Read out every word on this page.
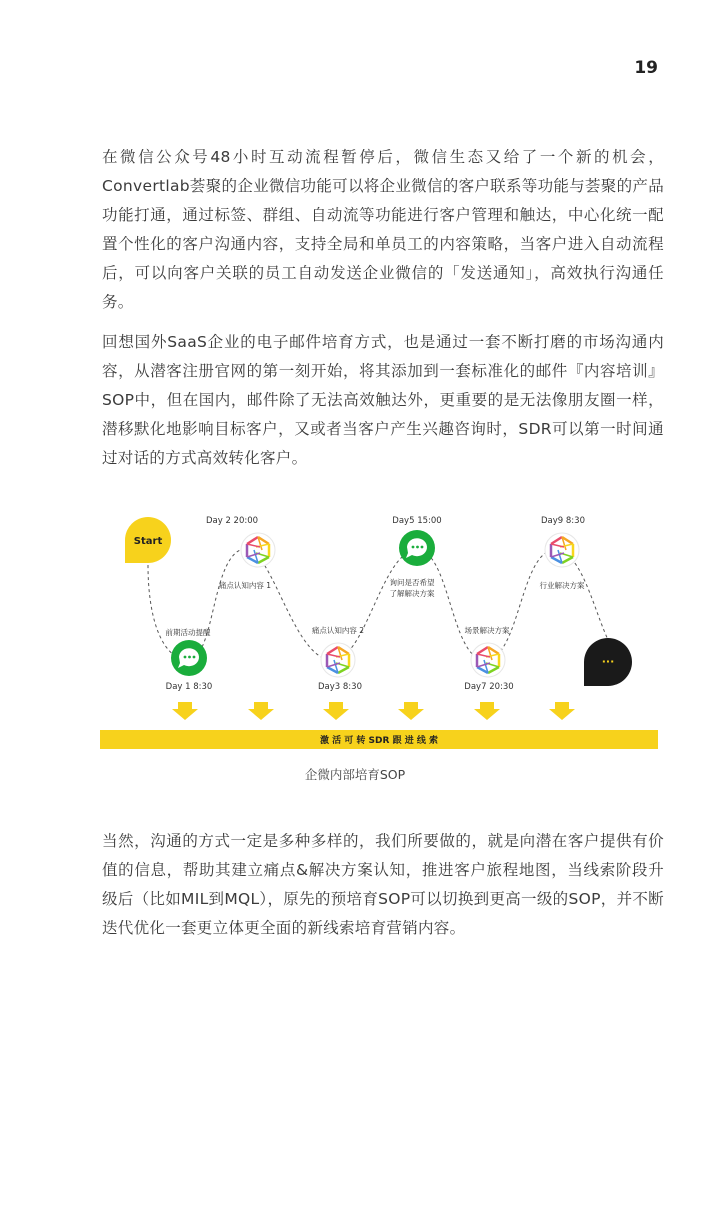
19

在微信公众号48小时互动流程暂停后，微信生态又给了一个新的机会，Convertlab荟聚的企业微信功能可以将企业微信的客户联系等功能与荟聚的产品功能打通，通过标签、群组、自动流等功能进行客户管理和触达，中心化统一配置个性化的客户沟通内容，支持全局和单员工的内容策略，当客户进入自动流程后，可以向客户关联的员工自动发送企业微信的「发送通知」，高效执行沟通任务。

回想国外SaaS企业的电子邮件培育方式，也是通过一套不断打磨的市场沟通内容，从潜客注册官网的第一刻开始，将其添加到一套标准化的邮件『内容培训』SOP中，但在国内，邮件除了无法高效触达外，更重要的是无法像朋友圈一样，潜移默化地影响目标客户，又或者当客户产生兴趣咨询时，SDR可以第一时间通过对话的方式高效转化客户。

Start
前期活动提醒
Day 1 8:30
Day 2 20:00
痛点认知内容 1
痛点认知内容 2
Day3 8:30
Day5 15:00
询问是否希望
了解解决方案
场景解决方案
Day7 20:30
Day9 8:30
行业解决方案
···
激 活 可 转 SDR 跟 进 线 索
企微内部培育SOP

当然，沟通的方式一定是多种多样的，我们所要做的，就是向潜在客户提供有价值的信息，帮助其建立痛点&解决方案认知，推进客户旅程地图，当线索阶段升级后（比如MIL到MQL），原先的预培育SOP可以切换到更高一级的SOP，并不断迭代优化一套更立体更全面的新线索培育营销内容。
